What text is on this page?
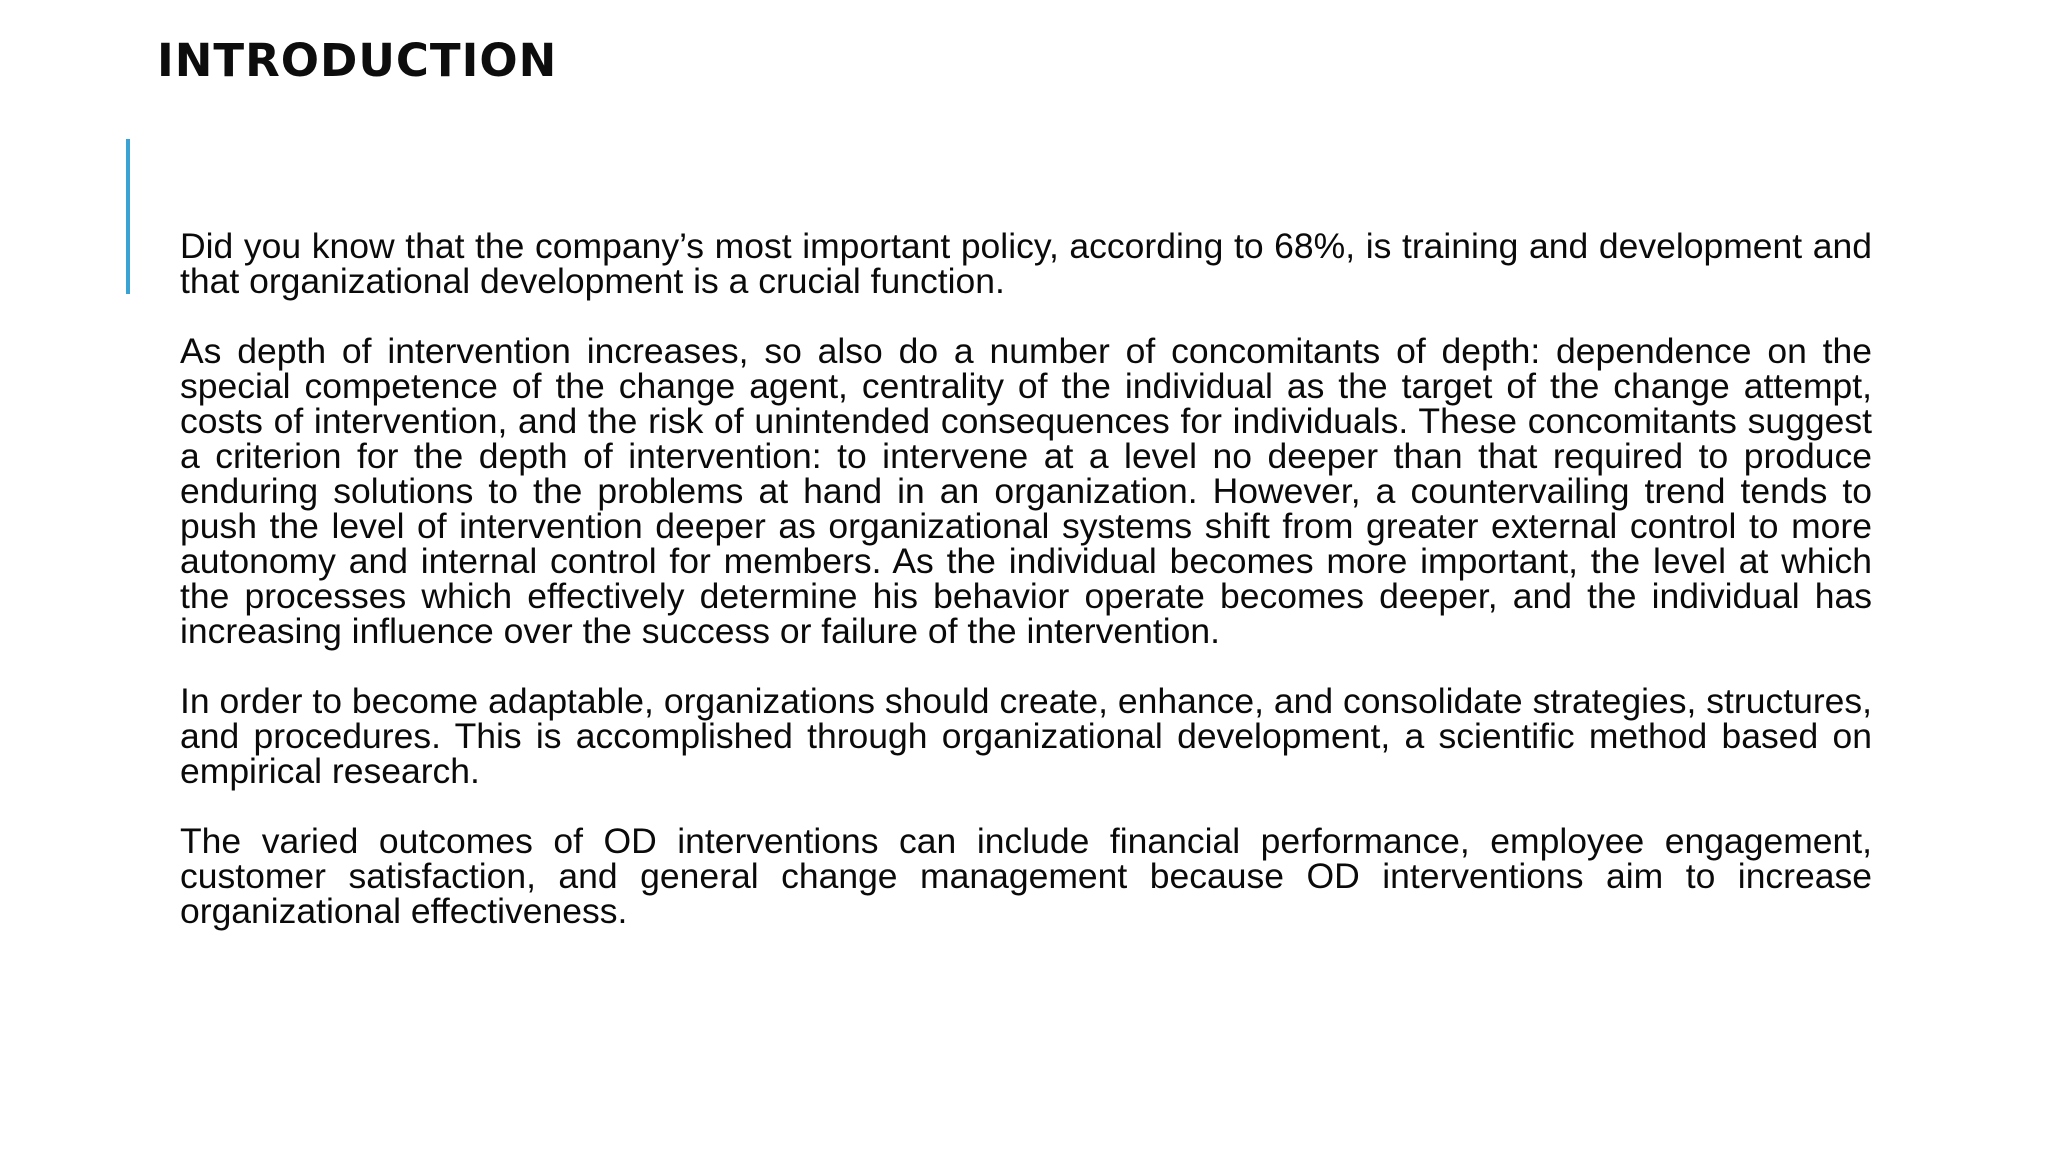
INTRODUCTION

Did you know that the company’s most important policy, according to 68%, is training and development and that organizational development is a crucial function.

As depth of intervention increases, so also do a number of concomitants of depth: dependence on the special competence of the change agent, centrality of the individual as the target of the change attempt, costs of intervention, and the risk of unintended consequences for individuals. These concomitants suggest a criterion for the depth of intervention: to intervene at a level no deeper than that required to produce enduring solutions to the problems at hand in an organization. However, a countervailing trend tends to push the level of intervention deeper as organizational systems shift from greater external control to more autonomy and internal control for members. As the individual becomes more important, the level at which the processes which effectively determine his behavior operate becomes deeper, and the individual has increasing influence over the success or failure of the intervention.

In order to become adaptable, organizations should create, enhance, and consolidate strategies, structures, and procedures. This is accomplished through organizational development, a scientific method based on empirical research.

The varied outcomes of OD interventions can include financial performance, employee engagement, customer satisfaction, and general change management because OD interventions aim to increase organizational effectiveness.
